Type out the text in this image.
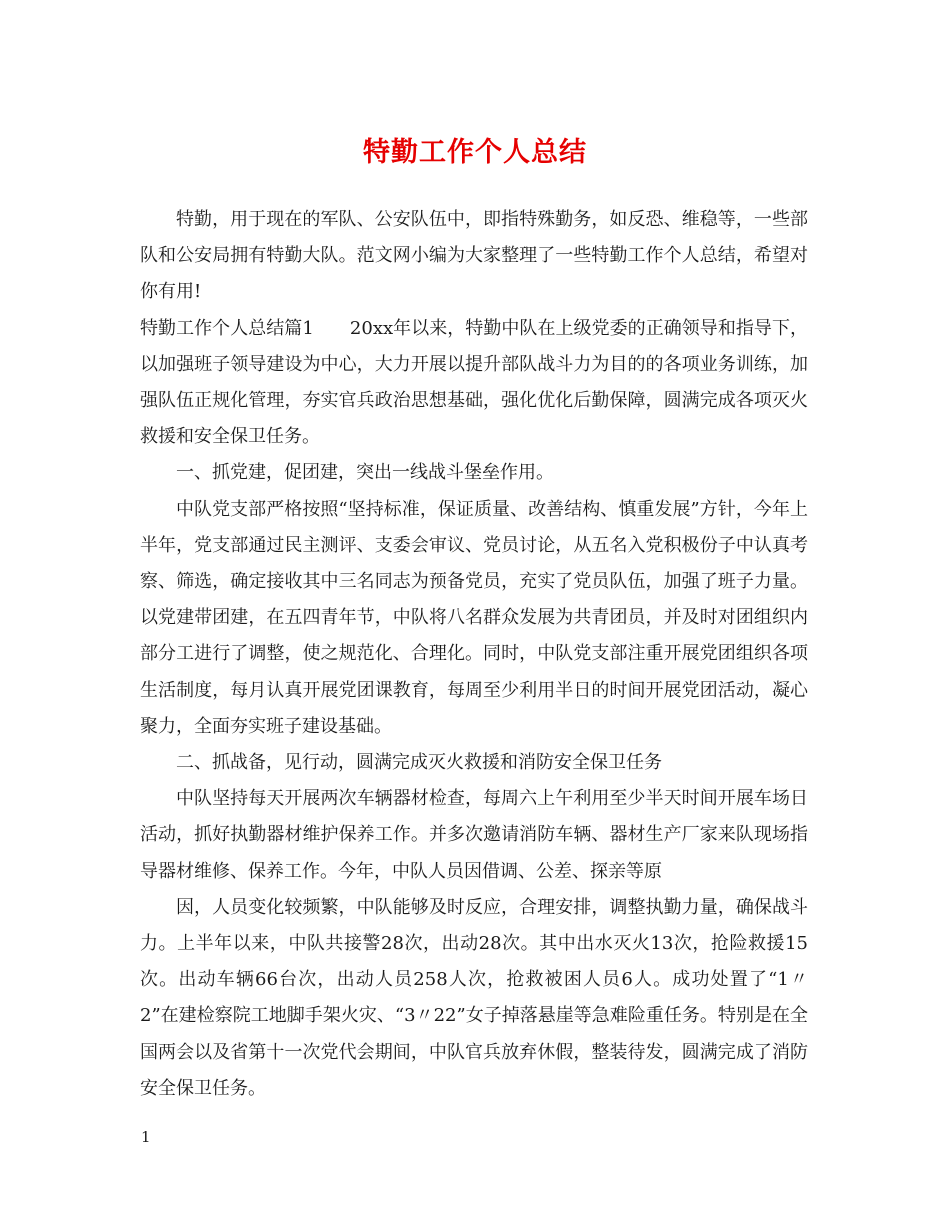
特勤工作个人总结

特勤，用于现在的军队、公安队伍中，即指特殊勤务，如反恐、维稳等，一些部队和公安局拥有特勤大队。范文网小编为大家整理了一些特勤工作个人总结，希望对你有用!

特勤工作个人总结篇1　　20xx年以来，特勤中队在上级党委的正确领导和指导下，以加强班子领导建设为中心，大力开展以提升部队战斗力为目的的各项业务训练，加强队伍正规化管理，夯实官兵政治思想基础，强化优化后勤保障，圆满完成各项灭火救援和安全保卫任务。

一、抓党建，促团建，突出一线战斗堡垒作用。

中队党支部严格按照“坚持标准，保证质量、改善结构、慎重发展”方针，今年上半年，党支部通过民主测评、支委会审议、党员讨论，从五名入党积极份子中认真考察、筛选，确定接收其中三名同志为预备党员，充实了党员队伍，加强了班子力量。以党建带团建，在五四青年节，中队将八名群众发展为共青团员，并及时对团组织内部分工进行了调整，使之规范化、合理化。同时，中队党支部注重开展党团组织各项生活制度，每月认真开展党团课教育，每周至少利用半日的时间开展党团活动，凝心聚力，全面夯实班子建设基础。

二、抓战备，见行动，圆满完成灭火救援和消防安全保卫任务

中队坚持每天开展两次车辆器材检查，每周六上午利用至少半天时间开展车场日活动，抓好执勤器材维护保养工作。并多次邀请消防车辆、器材生产厂家来队现场指导器材维修、保养工作。今年，中队人员因借调、公差、探亲等原

因，人员变化较频繁，中队能够及时反应，合理安排，调整执勤力量，确保战斗力。上半年以来，中队共接警28次，出动28次。其中出水灭火13次，抢险救援15次。出动车辆66台次，出动人员258人次，抢救被困人员6人。成功处置了“1〃2”在建检察院工地脚手架火灾、“3〃22”女子掉落悬崖等急难险重任务。特别是在全国两会以及省第十一次党代会期间，中队官兵放弃休假，整装待发，圆满完成了消防安全保卫任务。

1
